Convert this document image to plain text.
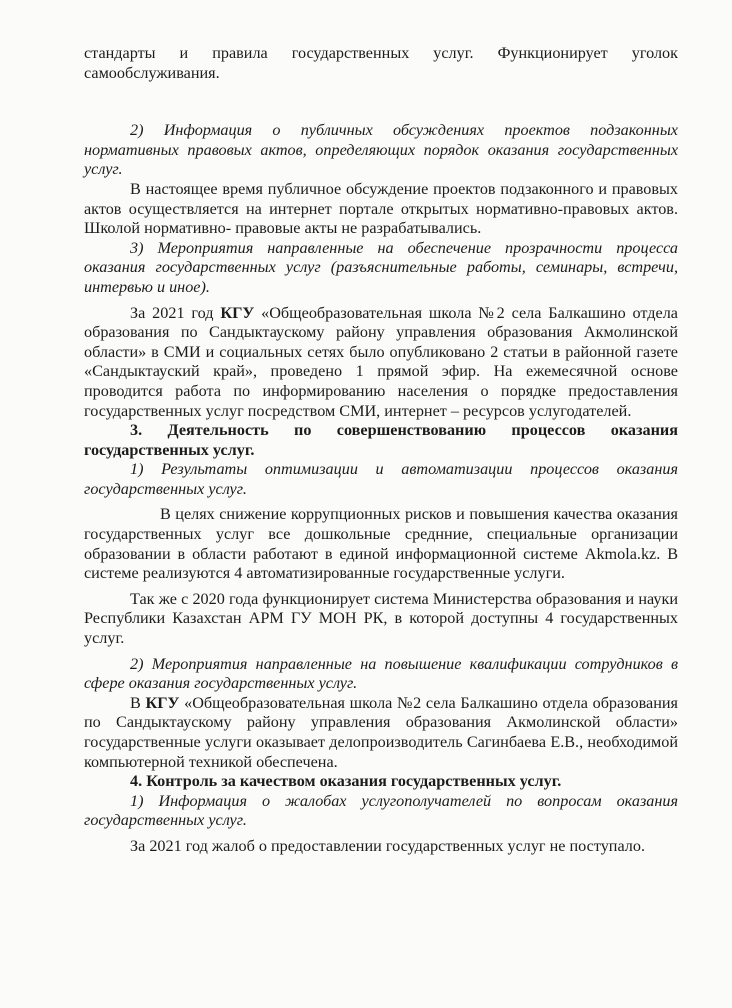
стандарты и правила государственных услуг. Функционирует уголок самообслуживания.

2) Информация о публичных обсуждениях проектов подзаконных нормативных правовых актов, определяющих порядок оказания государственных услуг.

В настоящее время публичное обсуждение проектов подзаконного и правовых актов осуществляется на интернет портале открытых нормативно-правовых актов. Школой нормативно- правовые акты не разрабатывались.

3) Мероприятия направленные на обеспечение прозрачности процесса оказания государственных услуг (разъяснительные работы, семинары, встречи, интервью и иное).

За 2021 год КГУ «Общеобразовательная школа №2 села Балкашино отдела образования по Сандыктаускому району управления образования Акмолинской области» в СМИ и социальных сетях было опубликовано 2 статьи в районной газете «Сандыктауский край», проведено 1 прямой эфир. На ежемесячной основе проводится работа по информированию населения о порядке предоставления государственных услуг посредством СМИ, интернет – ресурсов услугодателей.

3. Деятельность по совершенствованию процессов оказания государственных услуг.

1) Результаты оптимизации и автоматизации процессов оказания государственных услуг.

В целях снижение коррупционных рисков и повышения качества оказания государственных услуг все дошкольные среднние, специальные организации образовании в области работают в единой информационной системе Akmola.kz. В системе реализуются 4 автоматизированные государственные услуги.

Так же с 2020 года функционирует система Министерства образования и науки Республики Казахстан АРМ ГУ МОН РК, в которой доступны 4 государственных услуг.

2) Мероприятия направленные на повышение квалификации сотрудников в сфере оказания государственных услуг.

В КГУ «Общеобразовательная школа №2 села Балкашино отдела образования по Сандыктаускому району управления образования Акмолинской области» государственные услуги оказывает делопроизводитель Сагинбаева Е.В., необходимой компьютерной техникой обеспечена.

4. Контроль за качеством оказания государственных услуг.

1) Информация о жалобах услугополучателей по вопросам оказания государственных услуг.

За 2021 год жалоб о предоставлении государственных услуг не поступало.
